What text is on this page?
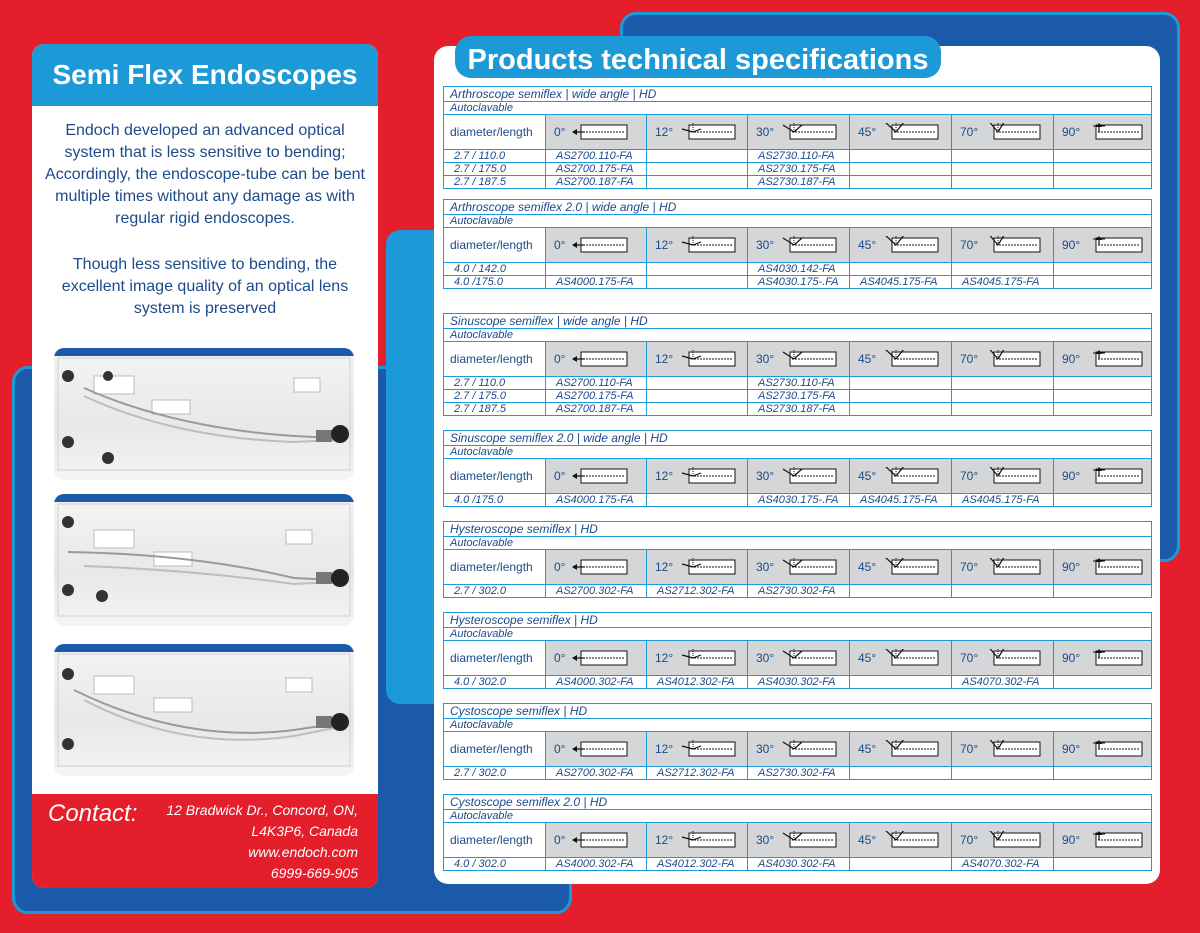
Semi Flex Endoscopes
Endoch developed an advanced optical system that is less sensitive to bending; Accordingly, the endoscope-tube can be bent multiple times without any damage as with regular rigid endoscopes.
Though less sensitive to bending, the excellent image quality of an optical lens system is preserved
Contact: 12 Bradwick Dr., Concord, ON,
L4K3P6, Canada
www.endoch.com
6999-669-905
Products technical specifications
Arthroscope semiflex | wide angle | HD						
Autoclavable						
diameter/length	0°	12°	30°	45°	70°	90°

2.7 / 110.0	AS2700.110-FA		AS2730.110-FA			
2.7 / 175.0	AS2700.175-FA		AS2730.175-FA			
2.7 / 187.5	AS2700.187-FA		AS2730.187-FA			
Arthroscope semiflex 2.0 | wide angle | HD						
Autoclavable						
diameter/length	0°	12°	30°	45°	70°	90°

4.0 / 142.0			AS4030.142-FA			
4.0 /175.0	AS4000.175-FA		AS4030.175-.FA	AS4045.175-FA	AS4045.175-FA	
Sinuscope semiflex | wide angle | HD						
Autoclavable						
diameter/length	0°	12°	30°	45°	70°	90°

2.7 / 110.0	AS2700.110-FA		AS2730.110-FA			
2.7 / 175.0	AS2700.175-FA		AS2730.175-FA			
2.7 / 187.5	AS2700.187-FA		AS2730.187-FA			
Sinuscope semiflex 2.0 | wide angle | HD						
Autoclavable						
diameter/length	0°	12°	30°	45°	70°	90°

4.0 /175.0	AS4000.175-FA		AS4030.175-.FA	AS4045.175-FA	AS4045.175-FA	
Hysteroscope semiflex | HD						
Autoclavable						
diameter/length	0°	12°	30°	45°	70°	90°

2.7 / 302.0	AS2700.302-FA	AS2712.302-FA	AS2730.302-FA			
Hysteroscope semiflex | HD						
Autoclavable						
diameter/length	0°	12°	30°	45°	70°	90°

4.0 / 302.0	AS4000.302-FA	AS4012.302-FA	AS4030.302-FA		AS4070.302-FA	
Cystoscope semiflex | HD						
Autoclavable						
diameter/length	0°	12°	30°	45°	70°	90°

2.7 / 302.0	AS2700.302-FA	AS2712.302-FA	AS2730.302-FA			
Cystoscope semiflex 2.0 | HD						
Autoclavable						
diameter/length	0°	12°	30°	45°	70°	90°

4.0 / 302.0	AS4000.302-FA	AS4012.302-FA	AS4030.302-FA		AS4070.302-FA	
